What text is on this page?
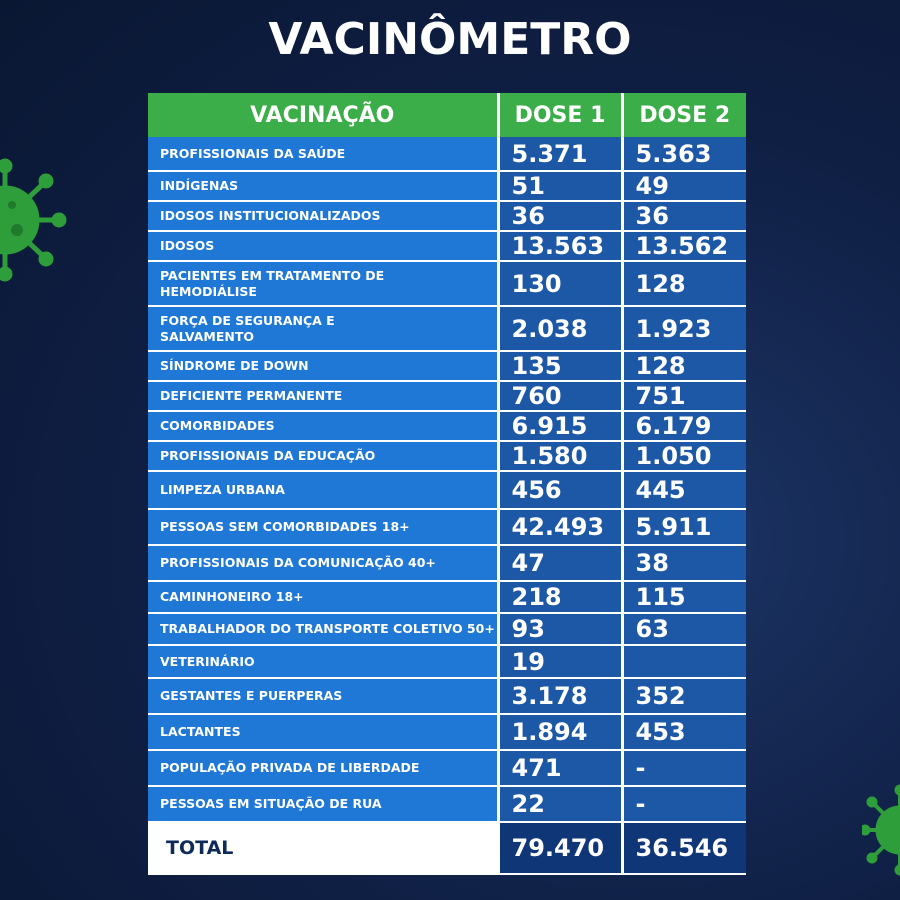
VACINÔMETRO
VACINAÇÃO	DOSE 1	DOSE 2
PROFISSIONAIS DA SAÚDE	5.371	5.363
INDÍGENAS	51	49
IDOSOS INSTITUCIONALIZADOS	36	36
IDOSOS	13.563	13.562
PACIENTES EM TRATAMENTO DE HEMODIÁLISE	130	128
FORÇA DE SEGURANÇA E SALVAMENTO	2.038	1.923
SÍNDROME DE DOWN	135	128
DEFICIENTE PERMANENTE	760	751
COMORBIDADES	6.915	6.179
PROFISSIONAIS DA EDUCAÇÃO	1.580	1.050
LIMPEZA URBANA	456	445
PESSOAS SEM COMORBIDADES 18+	42.493	5.911
PROFISSIONAIS DA COMUNICAÇÃO 40+	47	38
CAMINHONEIRO 18+	218	115
TRABALHADOR DO TRANSPORTE COLETIVO 50+	93	63
VETERINÁRIO	19	
GESTANTES E PUERPERAS	3.178	352
LACTANTES	1.894	453
POPULAÇÃO PRIVADA DE LIBERDADE	471	-
PESSOAS EM SITUAÇÃO DE RUA	22	-
TOTAL	79.470	36.546
